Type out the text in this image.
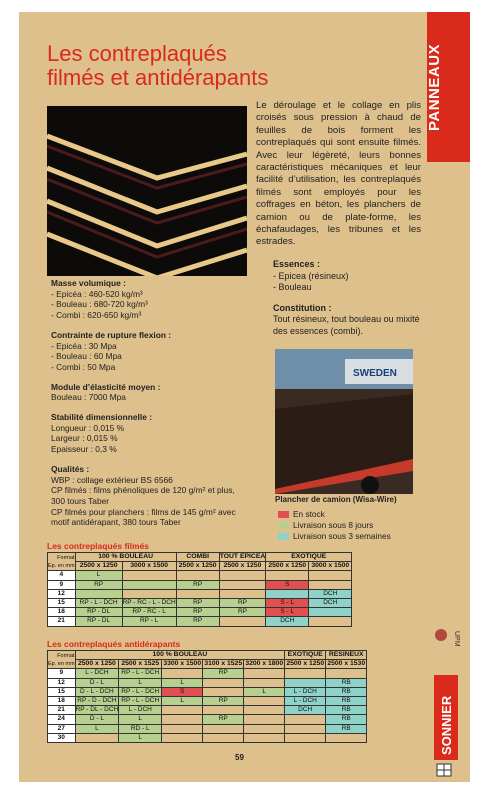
PANNEAUX
Les contreplaqués
filmés et antidérapants
Le déroulage et le collage en plis croisés sous pression à chaud de feuilles de bois forment les contreplaqués qui sont ensuite filmés. Avec leur légèreté, leurs bonnes caractéristiques mécaniques et leur facilité d’utilisation, les contreplaqués filmés sont employés pour les coffrages en béton, les planchers de camion ou de plate-forme, les échafaudages, les tribunes et les estrades.
Masse volumique :
- Epicéa : 460-520 kg/m³
- Bouleau : 680-720 kg/m³
- Combi : 620-650 kg/m³
Contrainte de rupture flexion :
- Epicéa : 30 Mpa
- Bouleau : 60 Mpa
- Combi : 50 Mpa
Module d’élasticité moyen :
Bouleau : 7000 Mpa
Stabilité dimensionnelle :
Longueur : 0,015 %
Largeur : 0,015 %
Epaisseur : 0,3 %
Qualités :
WBP : collage extérieur BS 6566
CP filmés : films phénoliques de 120 g/m² et plus, 300 tours Taber
CP filmés pour planchers : films de 145 g/m² avec motif antidérapant, 380 tours Taber
Essences :
- Epicea (résineux)
- Bouleau
Constitution :
Tout résineux, tout bouleau ou mixité des essences (combi).
SWEDEN
Plancher de camion (Wisa-Wire)
En stock
Livraison sous 8 jours
Livraison sous 3 semaines
Les contreplaqués filmés
Format
Ep. en mm	100 % BOULEAU		COMBI	TOUT EPICEA	EXOTIQUE	
	2500 x 1250	3000 x 1500	2500 x 1250	2500 x 1250	2500 x 1250	3000 x 1500
4	L					
9	RP		RP		S	
12						DCH
15	RP - L - DCH	RP - RC - L - DCH	RP	RP	S - L	DCH
18	RP - DL	RP - RC - L	RP	RP	S - L	
21	RP - DL	RP - L	RP		DCH	
Les contreplaqués antidérapants
Format
Ep. en mm	100 % BOULEAU					EXOTIQUE	RESINEUX
	2500 x 1250	2500 x 1525	3300 x 1500	3100 x 1525	3200 x 1800	2500 x 1250	2500 x 1530
9	L - DCH	RP - L - DCH		RP			
12	D - L	L	L				RB
15	D - L - DCH	RP - L - DCH	S		L	L - DCH	RB
18	RP - D - DCH	RP - L - DCH	L	RP		L - DCH	RB
21	RP - DL - DCH	L - DCH				DCH	RB
24	D - L	L		RP			RB
27	L	RD - L					RB
30		L					
59
UPM
SONNIER
